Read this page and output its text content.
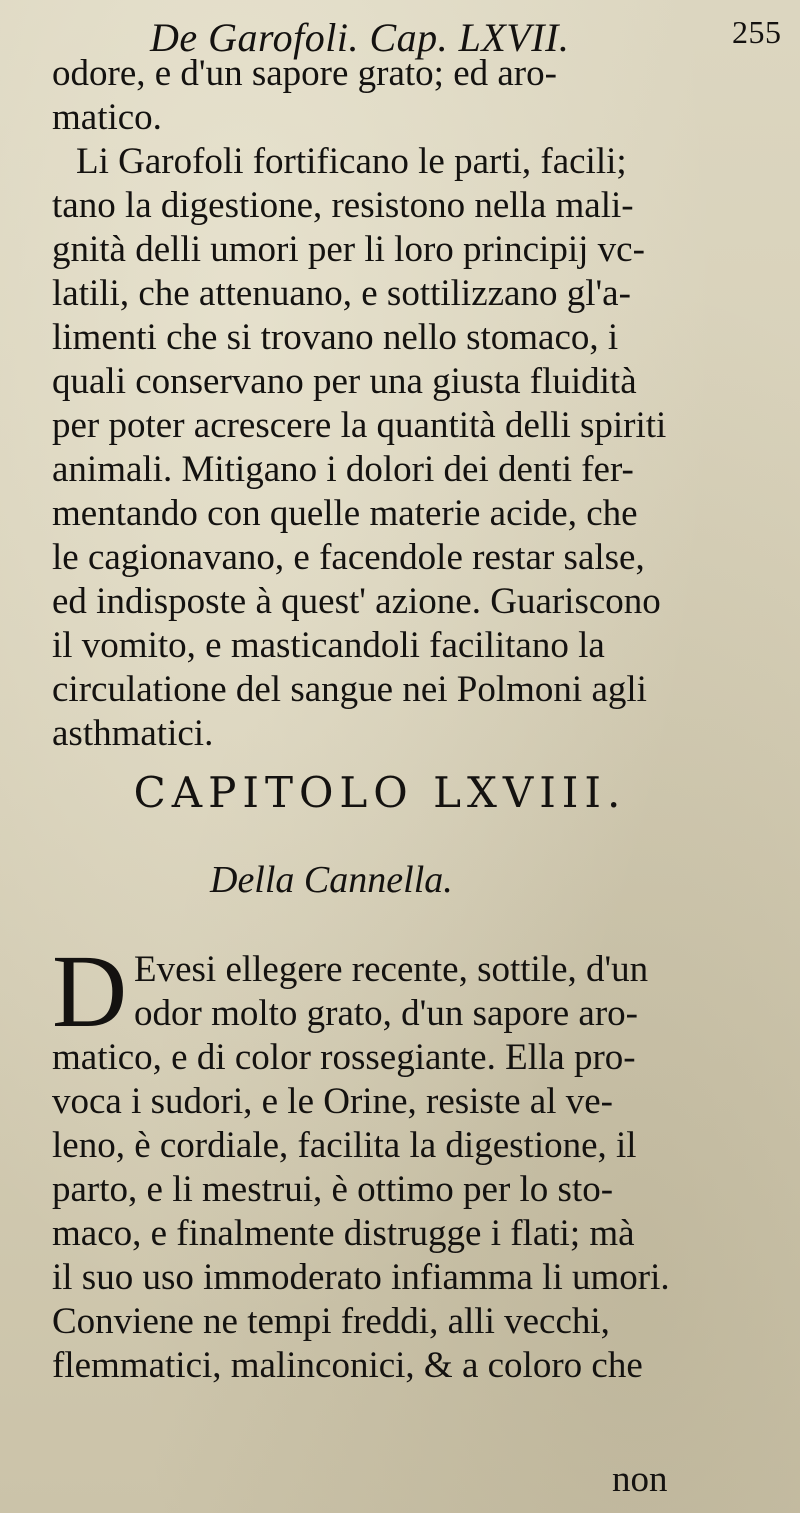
De Garofoli. Cap. LXVII.	255
odore, e d'un sapore grato; ed aro-
matico.
Li Garofoli fortificano le parti, facili;
tano la digestione, resistono nella mali-
gnità delli umori per li loro principij vc-
latili, che attenuano, e sottilizzano gl'a-
limenti che si trovano nello stomaco, i
quali conservano per una giusta fluidità
per poter acrescere la quantità delli spiriti
animali. Mitigano i dolori dei denti fer-
mentando con quelle materie acide, che
le cagionavano, e facendole restar salse,
ed indisposte à quest' azione. Guariscono
il vomito, e masticandoli facilitano la
circulatione del sangue nei Polmoni agli
asthmatici.
CAPITOLO LXVIII.
Della Cannella.
D Evesi ellegere recente, sottile, d'un
odor molto grato, d'un sapore aro-
matico, e di color rossegiante. Ella pro-
voca i sudori, e le Orine, resiste al ve-
leno, è cordiale, facilita la digestione, il
parto, e li mestrui, è ottimo per lo sto-
maco, e finalmente distrugge i flati; mà
il suo uso immoderato infiamma li umori.
Conviene ne tempi freddi, alli vecchi,
flemmatici, malinconici, & a coloro che
non
